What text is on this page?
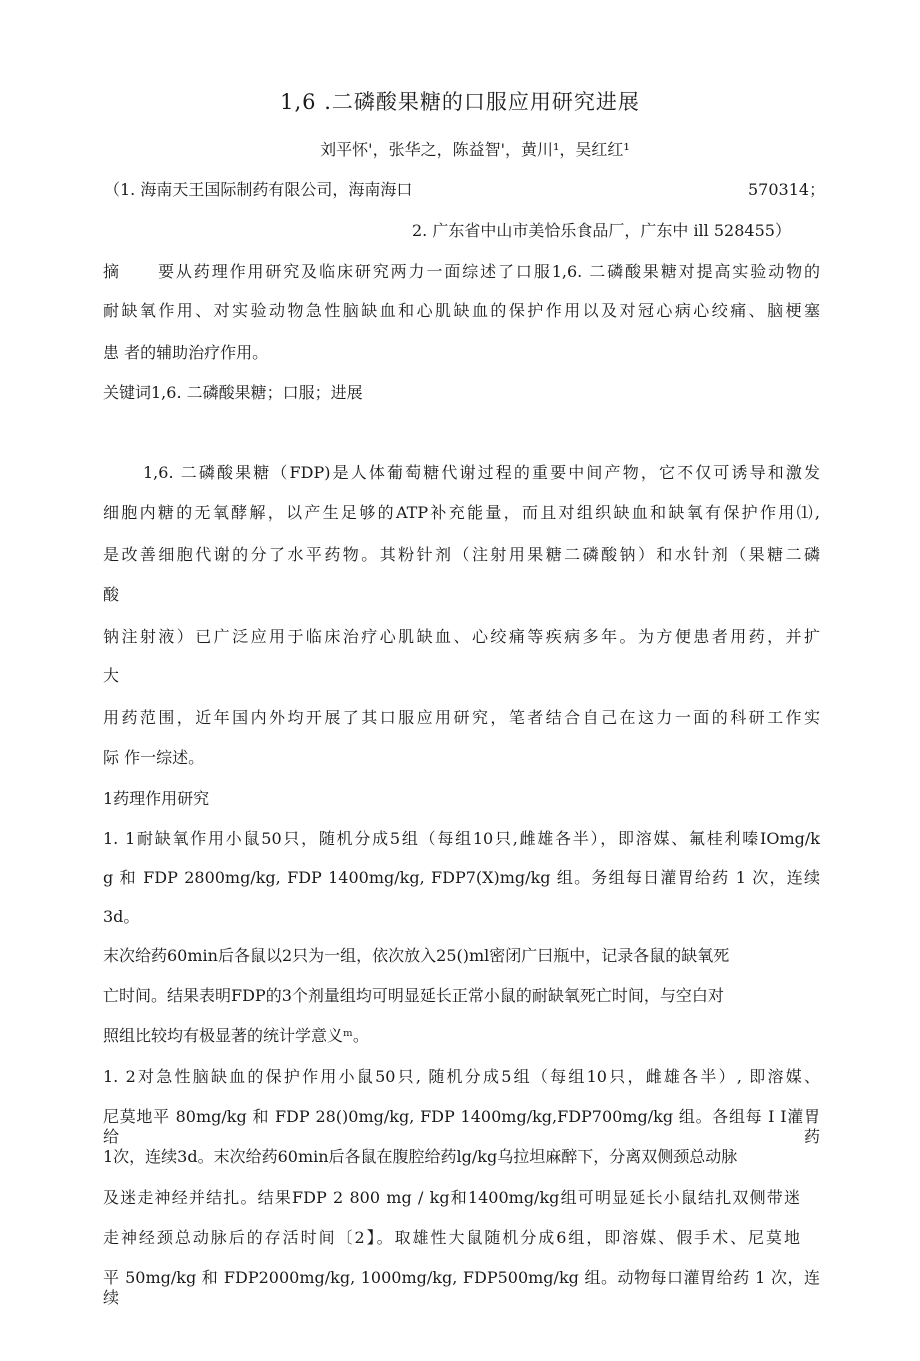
1,6 .二磷酸果糖的口服应用研究进展
刘平怀'，张华之，陈益智'，黄川¹，吴红红¹
（1. 海南天王国际制药有限公司，海南海口	570314；
2. 广东省中山市美恰乐食品厂，广东中 ill 528455）
摘 要从药理作用研究及临床研究两力一面综述了口服1,6. 二磷酸果糖对提高实验动物的
耐缺氧作用、对实验动物急性脑缺血和心肌缺血的保护作用以及对冠心病心绞痛、脑梗塞
患 者的辅助治疗作用。
关键词1,6. 二磷酸果糖；口服；进展
1,6. 二磷酸果糖（FDP)是人体葡萄糖代谢过程的重要中间产物，它不仅可诱导和激发
细胞内糖的无氧酵解，以产生足够的ATP补充能量，而且对组织缺血和缺氧有保护作用⑴,
是改善细胞代谢的分了水平药物。其粉针剂（注射用果糖二磷酸钠）和水针剂（果糖二磷
酸
钠注射液）已广泛应用于临床治疗心肌缺血、心绞痛等疾病多年。为方便患者用药，并扩
大
用药范围，近年国内外均开展了其口服应用研究，笔者结合自己在这力一面的科研工作实
际 作一综述。
1药理作用研究
1. 1耐缺氧作用小鼠50只，随机分成5组（每组10只,雌雄各半），即溶媒、氟桂利嗪IOmg/k
g 和 FDP 2800mg/kg, FDP 1400mg/kg, FDP7(X)mg/kg 组。务组每日灌胃给药 1 次，连续
3d。
末次给药60min后各鼠以2只为一组，依次放入25()ml密闭广曰瓶中，记录各鼠的缺氧死
亡时间。结果表明FDP的3个剂量组均可明显延长正常小鼠的耐缺氧死亡时间，与空白对
照组比较均有极显著的统计学意义ᵐ。
1. 2对急性脑缺血的保护作用小鼠50只, 随机分成5组（每组10只，雌雄各半）, 即溶媒、
尼莫地平 80mg/kg 和 FDP 28()0mg/kg, FDP 1400mg/kg,FDP700mg/kg 组。各组每 I I灌胃给药
1次，连续3d。末次给药60min后各鼠在腹腔给药lg/kg乌拉坦麻醉下，分离双侧颈总动脉
及迷走神经并结扎。结果FDP 2 800 mg / kg和1400mg/kg组可明显延长小鼠结扎双侧带迷
走神经颈总动脉后的存活时间〔2】。取雄性大鼠随机分成6组，即溶媒、假手术、尼莫地
平 50mg/kg 和 FDP2000mg/kg, 1000mg/kg, FDP500mg/kg 组。动物每口灌胃给药 1 次，连续
